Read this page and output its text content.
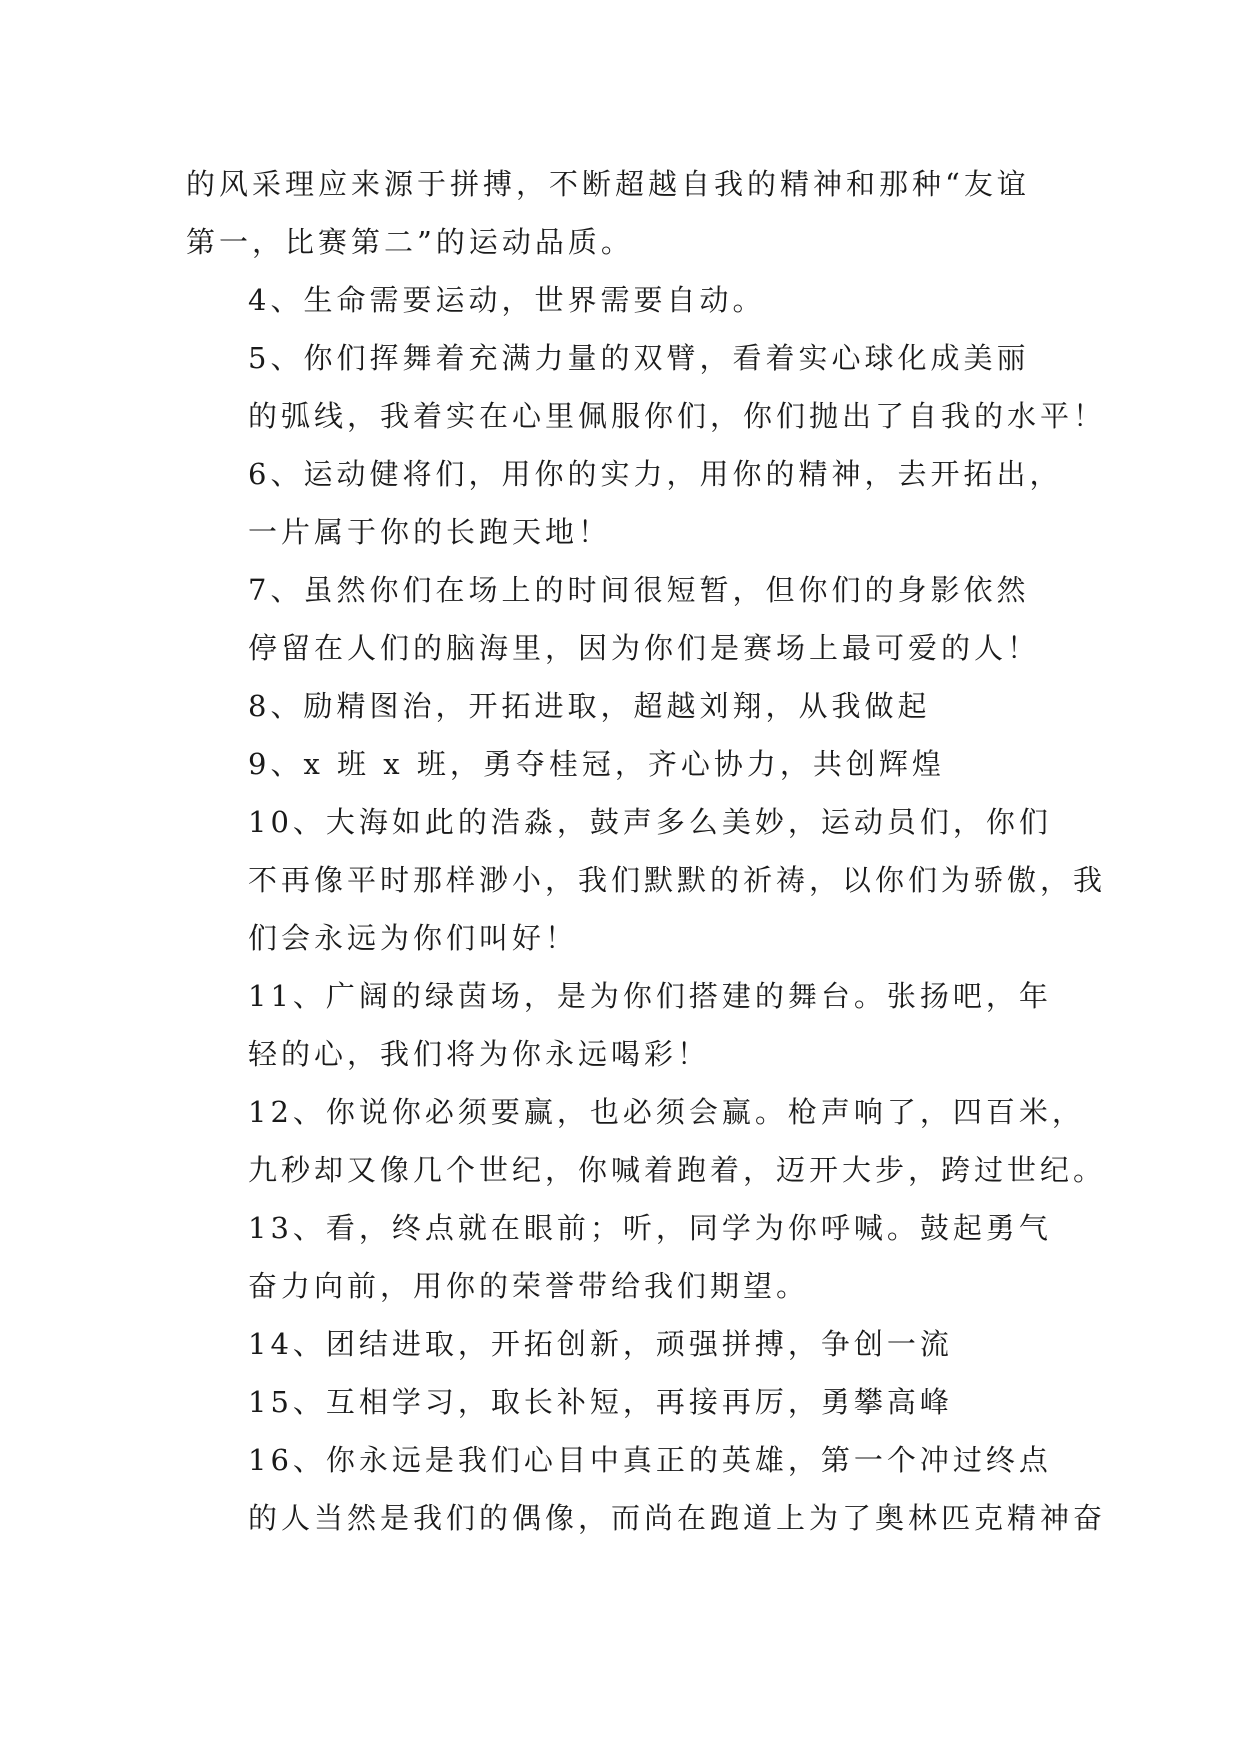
的风采理应来源于拼搏，不断超越自我的精神和那种“友谊
第一，比赛第二”的运动品质。
4、生命需要运动，世界需要自动。
5、你们挥舞着充满力量的双臂，看着实心球化成美丽
的弧线，我着实在心里佩服你们，你们抛出了自我的水平！
6、运动健将们，用你的实力，用你的精神，去开拓出，
一片属于你的长跑天地！
7、虽然你们在场上的时间很短暂，但你们的身影依然
停留在人们的脑海里，因为你们是赛场上最可爱的人！
8、励精图治，开拓进取，超越刘翔，从我做起
9、x 班 x 班，勇夺桂冠，齐心协力，共创辉煌
10、大海如此的浩淼，鼓声多么美妙，运动员们，你们
不再像平时那样渺小，我们默默的祈祷，以你们为骄傲，我
们会永远为你们叫好！
11、广阔的绿茵场，是为你们搭建的舞台。张扬吧，年
轻的心，我们将为你永远喝彩！
12、你说你必须要赢，也必须会赢。枪声响了，四百米，
九秒却又像几个世纪，你喊着跑着，迈开大步，跨过世纪。
13、看，终点就在眼前；听，同学为你呼喊。鼓起勇气
奋力向前，用你的荣誉带给我们期望。
14、团结进取，开拓创新，顽强拼搏，争创一流
15、互相学习，取长补短，再接再厉，勇攀高峰
16、你永远是我们心目中真正的英雄，第一个冲过终点
的人当然是我们的偶像，而尚在跑道上为了奥林匹克精神奋
